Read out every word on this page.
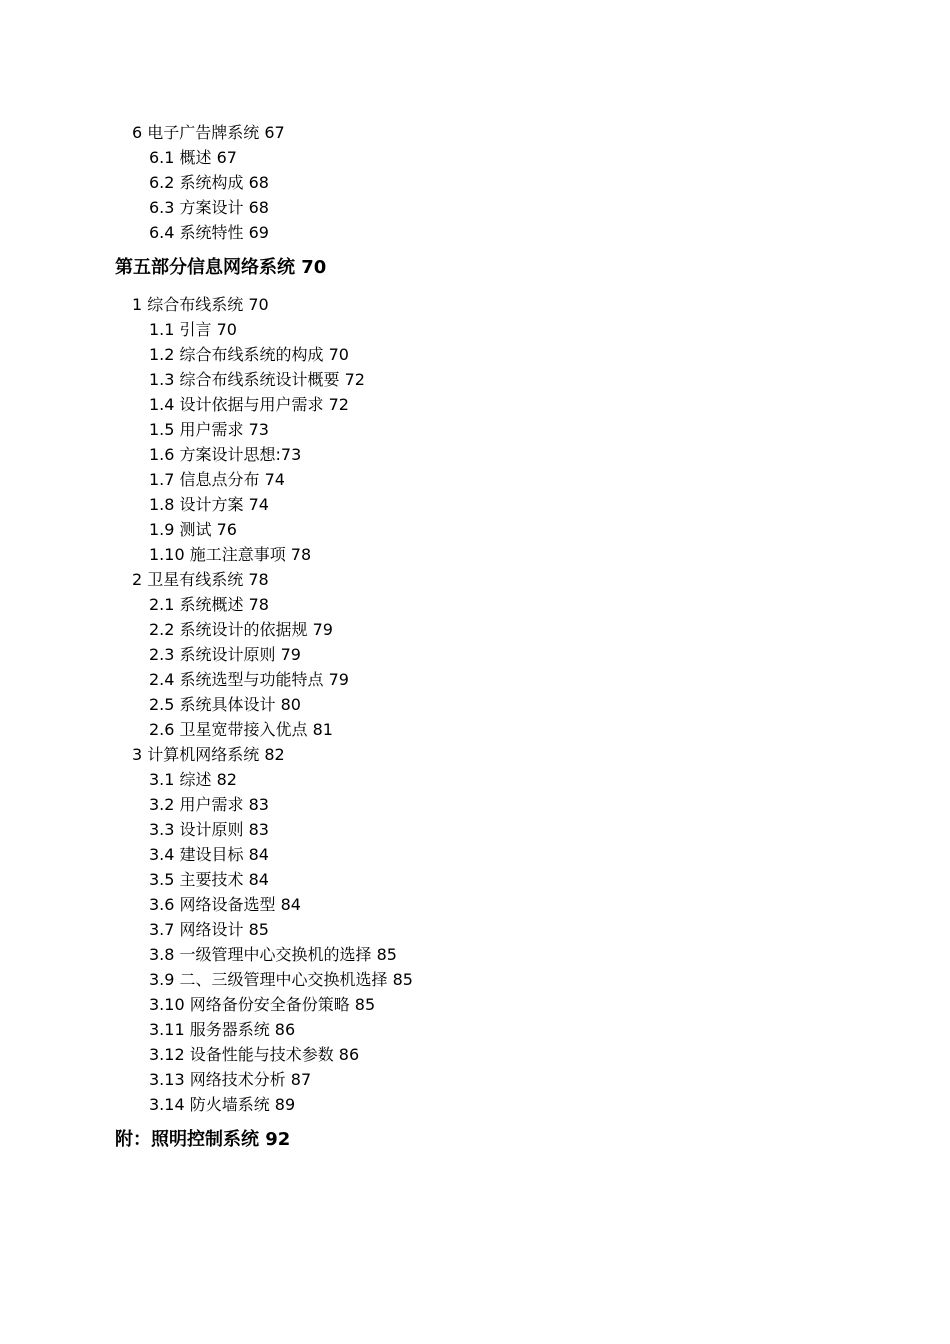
6 电子广告牌系统 67
6.1 概述 67
6.2 系统构成 68
6.3 方案设计 68
6.4 系统特性 69
第五部分信息网络系统 70
1 综合布线系统 70
1.1 引言 70
1.2 综合布线系统的构成 70
1.3 综合布线系统设计概要 72
1.4 设计依据与用户需求 72
1.5 用户需求 73
1.6 方案设计思想:73
1.7 信息点分布 74
1.8 设计方案 74
1.9 测试 76
1.10 施工注意事项 78
2 卫星有线系统 78
2.1 系统概述 78
2.2 系统设计的依据规 79
2.3 系统设计原则 79
2.4 系统选型与功能特点 79
2.5 系统具体设计 80
2.6 卫星宽带接入优点 81
3 计算机网络系统 82
3.1 综述 82
3.2 用户需求 83
3.3 设计原则 83
3.4 建设目标 84
3.5 主要技术 84
3.6 网络设备选型 84
3.7 网络设计 85
3.8 一级管理中心交换机的选择 85
3.9 二、三级管理中心交换机选择 85
3.10 网络备份安全备份策略 85
3.11 服务器系统 86
3.12 设备性能与技术参数 86
3.13 网络技术分析 87
3.14 防火墙系统 89
附：照明控制系统 92
